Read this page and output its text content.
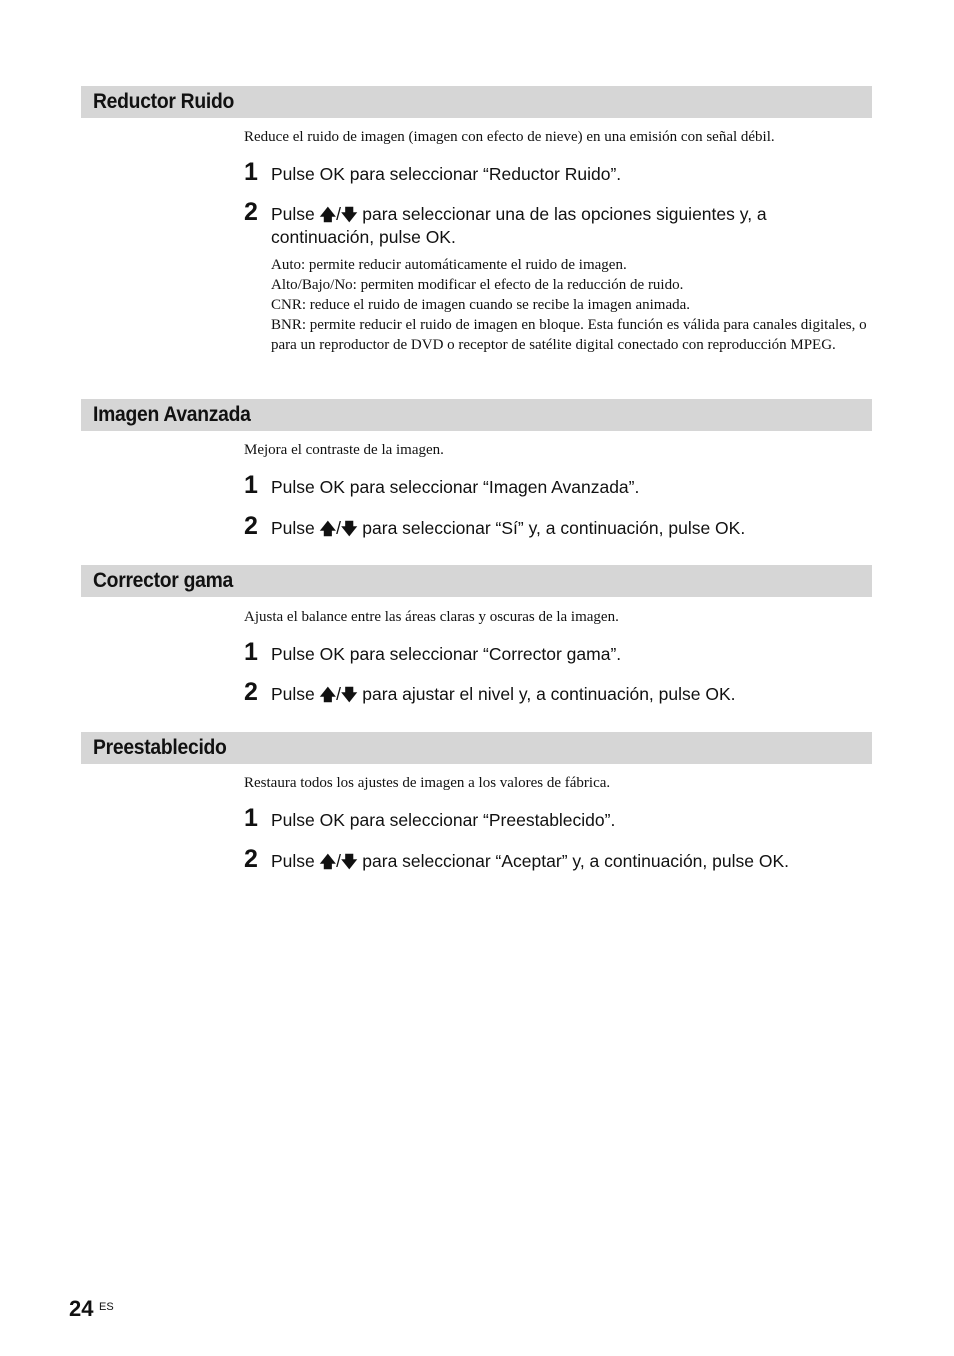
Reductor Ruido
Reduce el ruido de imagen (imagen con efecto de nieve) en una emisión con señal débil.
1 Pulse OK para seleccionar “Reductor Ruido”.
2 Pulse 🡅/🡇 para seleccionar una de las opciones siguientes y, a continuación, pulse OK.
Auto: permite reducir automáticamente el ruido de imagen.
Alto/Bajo/No: permiten modificar el efecto de la reducción de ruido.
CNR: reduce el ruido de imagen cuando se recibe la imagen animada.
BNR: permite reducir el ruido de imagen en bloque. Esta función es válida para canales digitales, o para un reproductor de DVD o receptor de satélite digital conectado con reproducción MPEG.
Imagen Avanzada
Mejora el contraste de la imagen.
1 Pulse OK para seleccionar “Imagen Avanzada”.
2 Pulse 🡅/🡇 para seleccionar “Sí” y, a continuación, pulse OK.
Corrector gama
Ajusta el balance entre las áreas claras y oscuras de la imagen.
1 Pulse OK para seleccionar “Corrector gama”.
2 Pulse 🡅/🡇 para ajustar el nivel y, a continuación, pulse OK.
Preestablecido
Restaura todos los ajustes de imagen a los valores de fábrica.
1 Pulse OK para seleccionar “Preestablecido”.
2 Pulse 🡅/🡇 para seleccionar “Aceptar” y, a continuación, pulse OK.
24 ES
